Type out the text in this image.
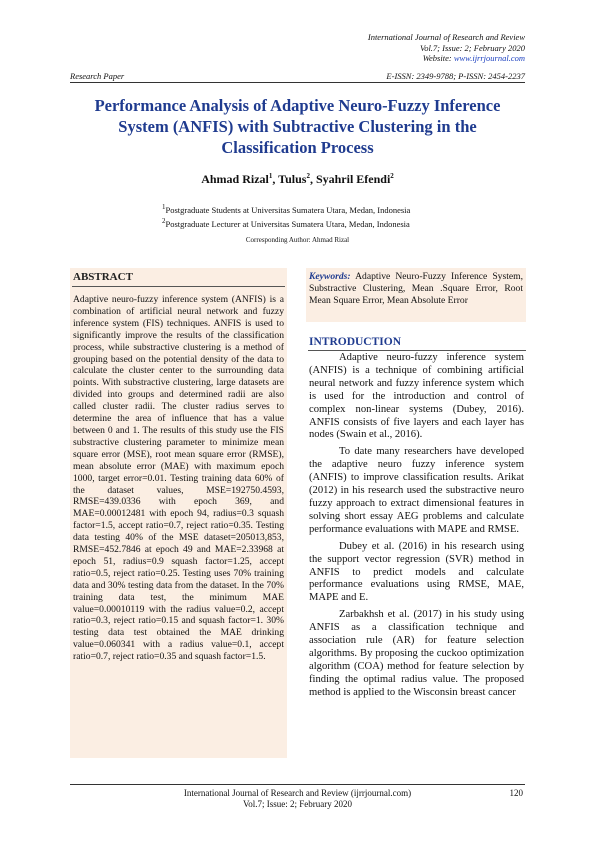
International Journal of Research and Review
Vol.7; Issue: 2; February 2020
Website: www.ijrrjournal.com
Research Paper	E-ISSN: 2349-9788; P-ISSN: 2454-2237
Performance Analysis of Adaptive Neuro-Fuzzy Inference System (ANFIS) with Subtractive Clustering in the Classification Process
Ahmad Rizal$^1$, Tulus$^2$, Syahril Efendi$^2$
$^1$Postgraduate Students at Universitas Sumatera Utara, Medan, Indonesia
$^2$Postgraduate Lecturer at Universitas Sumatera Utara, Medan, Indonesia
Corresponding Author: Ahmad Rizal
ABSTRACT
Adaptive neuro-fuzzy inference system (ANFIS) is a combination of artificial neural network and fuzzy inference system (FIS) techniques. ANFIS is used to significantly improve the results of the classification process, while substractive clustering is a method of grouping based on the potential density of the data to calculate the cluster center to the surrounding data points. With substractive clustering, large datasets are divided into groups and determined radii are also called cluster radii. The cluster radius serves to determine the area of influence that has a value between 0 and 1. The results of this study use the FIS substractive clustering parameter to minimize mean square error (MSE), root mean square error (RMSE), mean absolute error (MAE) with maximum epoch 1000, target error=0.01. Testing training data 60% of the dataset values, MSE=192750.4593, RMSE=439.0336 with epoch 369, and MAE=0.00012481 with epoch 94, radius=0.3 squash factor=1.5, accept ratio=0.7, reject ratio=0.35. Testing data testing 40% of the MSE dataset=205013,853, RMSE=452.7846 at epoch 49 and MAE=2.33968 at epoch 51, radius=0.9 squash factor=1.25, accept ratio=0.5, reject ratio=0.25. Testing uses 70% training data and 30% testing data from the dataset. In the 70% training data test, the minimum MAE value=0.00010119 with the radius value=0.2, accept ratio=0.3, reject ratio=0.15 and squash factor=1. 30% testing data test obtained the MAE drinking value=0.060341 with a radius value=0.1, accept ratio=0.7, reject ratio=0.35 and squash factor=1.5.
Keywords: Adaptive Neuro-Fuzzy Inference System, Substractive Clustering, Mean .Square Error, Root Mean Square Error, Mean Absolute Error
INTRODUCTION

Adaptive neuro-fuzzy inference system (ANFIS) is a technique of combining artificial neural network and fuzzy inference system which is used for the introduction and control of complex non-linear systems (Dubey, 2016). ANFIS consists of five layers and each layer has nodes (Swain et al., 2016).

To date many researchers have developed the adaptive neuro fuzzy inference system (ANFIS) to improve classification results. Arikat (2012) in his research used the substractive neuro fuzzy approach to extract dimensional features in solving short essay AEG problems and calculate performance evaluations with MAPE and RMSE.

Dubey et al. (2016) in his research using the support vector regression (SVR) method in ANFIS to predict models and calculate performance evaluations using RMSE, MAE, MAPE and E.

Zarbakhsh et al. (2017) in his study using ANFIS as a classification technique and association rule (AR) for feature selection algorithms. By proposing the cuckoo optimization algorithm (COA) method for feature selection by finding the optimal radius value. The proposed method is applied to the Wisconsin breast cancer

International Journal of Research and Review (ijrrjournal.com)
Vol.7; Issue: 2; February 2020
120
